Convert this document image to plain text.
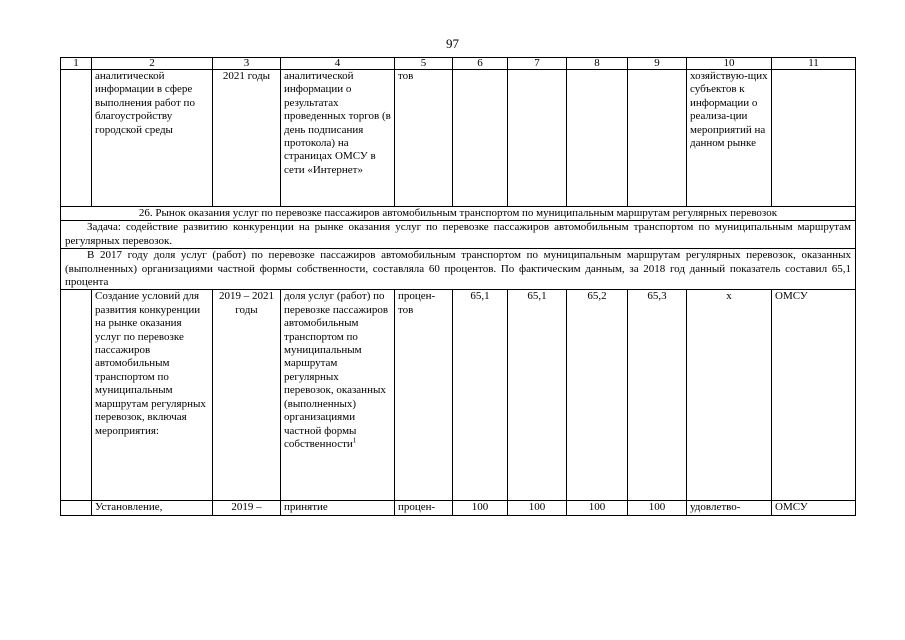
97
1	2	3	4	5	6	7	8	9	10	11
	аналитической информации в сфере выполнения работ по благоустройству городской среды	2021 годы	аналитической информации о результатах проведенных торгов (в день подписания протокола) на страницах ОМСУ в сети «Интернет»	тов					хозяйствую-щих субъектов к информации о реализа-ции мероприятий на данном рынке	
26. Рынок оказания услуг по перевозке пассажиров автомобильным транспортом по муниципальным маршрутам регулярных перевозок										
Задача: содействие развитию конкуренции на рынке оказания услуг по перевозке пассажиров автомобильным транспортом по муниципальным маршрутам регулярных перевозок.										
В 2017 году доля услуг (работ) по перевозке пассажиров автомобильным транспортом по муниципальным маршрутам регулярных перевозок, оказанных (выполненных) организациями частной формы собственности, составляла 60 процентов. По фактическим данным, за 2018 год данный показатель составил 65,1 процента										
	Создание условий для развития конкуренции на рынке оказания услуг по перевозке пассажиров автомобильным транспортом по муниципальным маршрутам регулярных перевозок, включая мероприятия:	2019 – 2021 годы	доля услуг (работ) по перевозке пассажиров автомобильным транспортом по муниципальным маршрутам регулярных перевозок, оказанных (выполненных) организациями частной формы собственности$^1$	процен-тов	65,1	65,1	65,2	65,3	х	ОМСУ
	Установление,	2019 –	принятие	процен-	100	100	100	100	удовлетво-	ОМСУ
